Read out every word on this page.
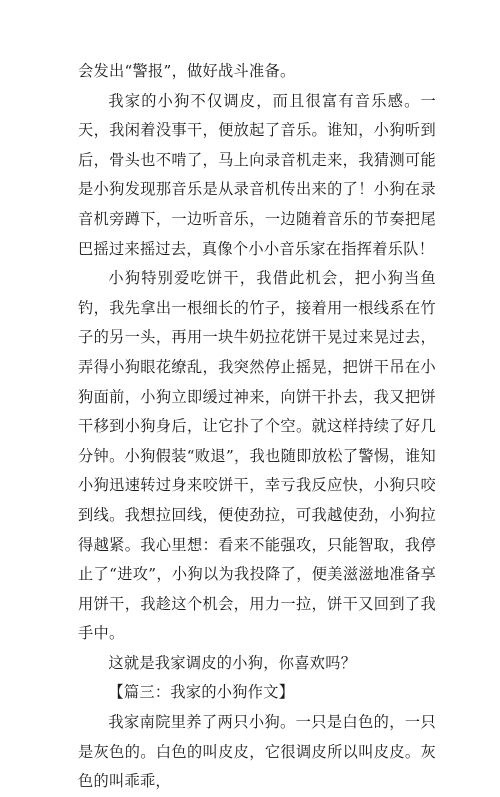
会发出“警报”，做好战斗准备。

我家的小狗不仅调皮，而且很富有音乐感。一天，我闲着没事干，便放起了音乐。谁知，小狗听到后，骨头也不啃了，马上向录音机走来，我猜测可能是小狗发现那音乐是从录音机传出来的了！小狗在录音机旁蹲下，一边听音乐，一边随着音乐的节奏把尾巴摇过来摇过去，真像个小小音乐家在指挥着乐队！

小狗特别爱吃饼干，我借此机会，把小狗当鱼钓，我先拿出一根细长的竹子，接着用一根线系在竹子的另一头，再用一块牛奶拉花饼干晃过来晃过去，弄得小狗眼花缭乱，我突然停止摇晃，把饼干吊在小狗面前，小狗立即缓过神来，向饼干扑去，我又把饼干移到小狗身后，让它扑了个空。就这样持续了好几分钟。小狗假装“败退”，我也随即放松了警惕，谁知小狗迅速转过身来咬饼干，幸亏我反应快，小狗只咬到线。我想拉回线，便使劲拉，可我越使劲，小狗拉得越紧。我心里想：看来不能强攻，只能智取，我停止了“进攻”，小狗以为我投降了，便美滋滋地准备享用饼干，我趁这个机会，用力一拉，饼干又回到了我手中。

这就是我家调皮的小狗，你喜欢吗？

【篇三：我家的小狗作文】

我家南院里养了两只小狗。一只是白色的，一只是灰色的。白色的叫皮皮，它很调皮所以叫皮皮。灰色的叫乖乖，
